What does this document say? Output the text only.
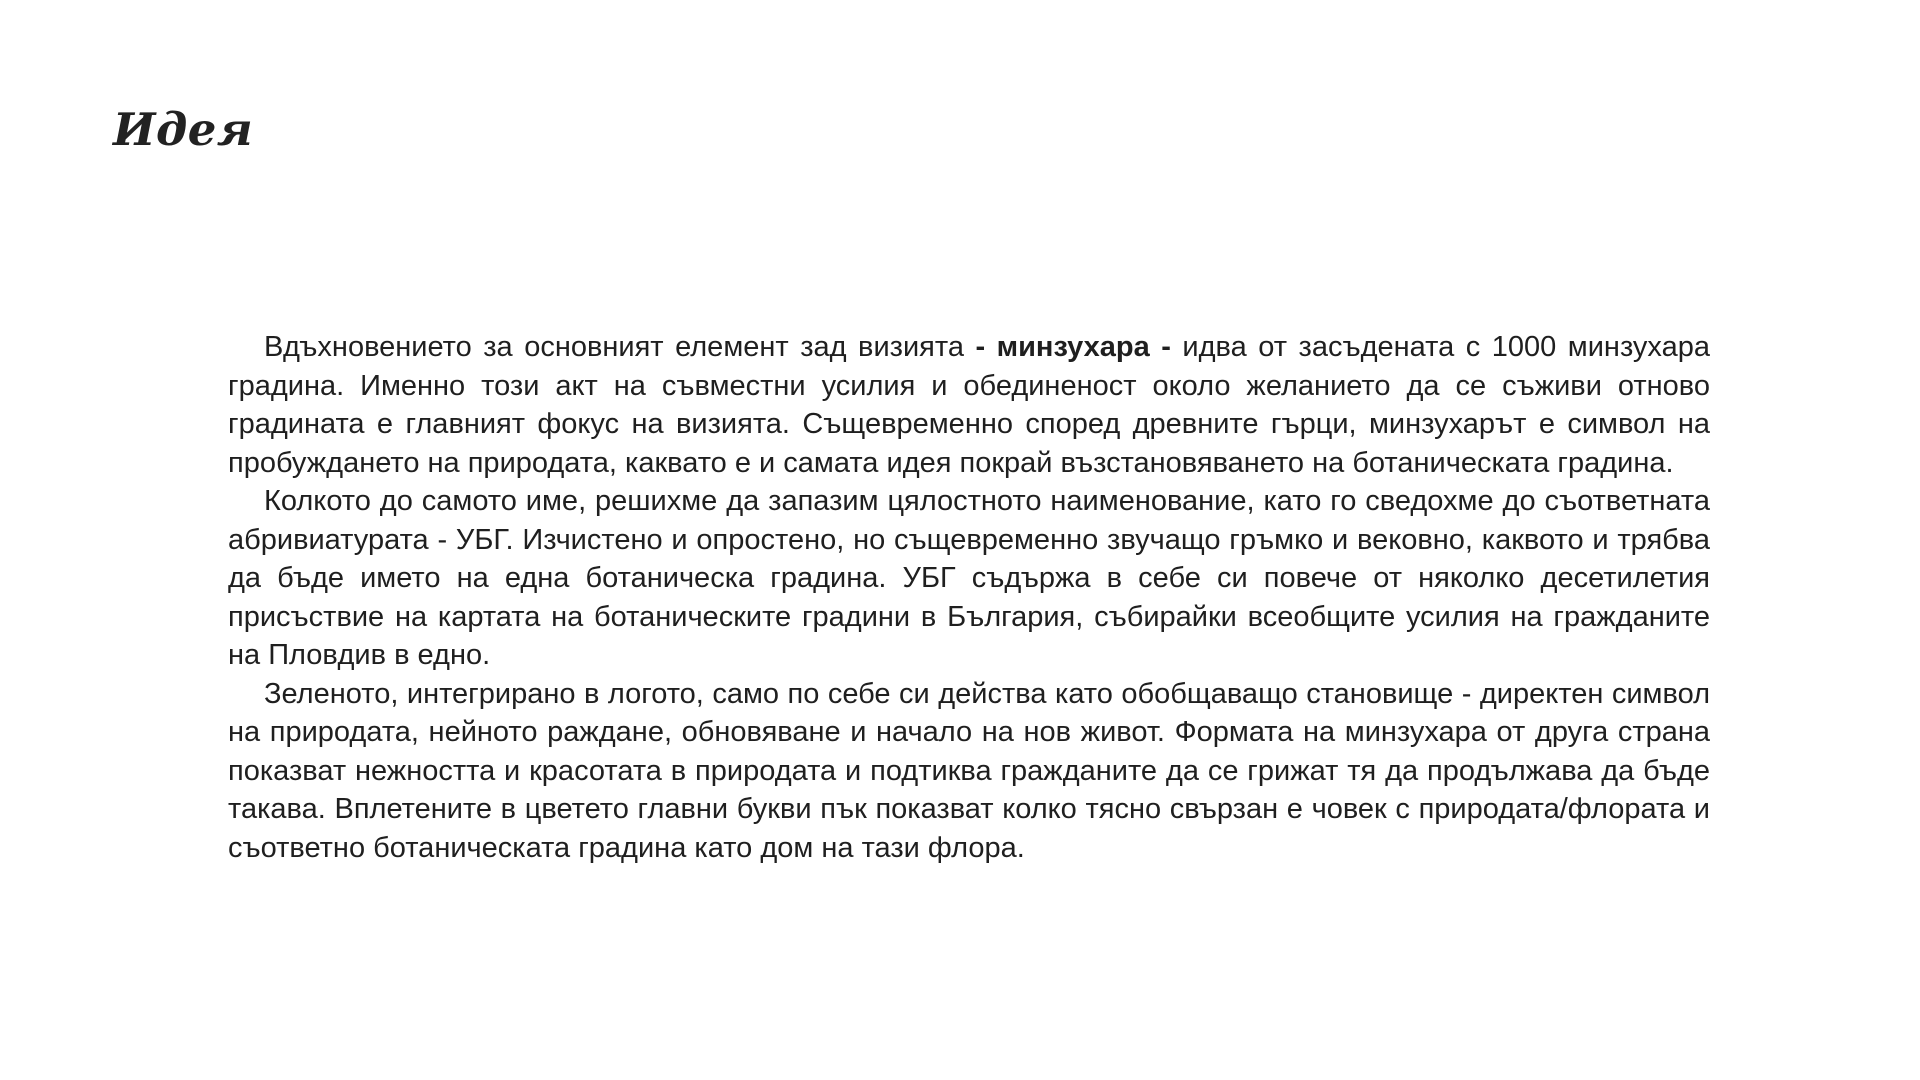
Идея

Вдъхновението за основният елемент зад визията - минзухара - идва от засъдената с 1000 минзухара градина. Именно този акт на съвместни усилия и обединеност около желанието да се съживи отново градината е главният фокус на визията. Същевременно според древните гърци, минзухарът е символ на пробуждането на природата, каквато е и самата идея покрай възстановяването на ботаническата градина.

Колкото до самото име, решихме да запазим цялостното наименование, като го сведохме до съответната абривиатурата - УБГ. Изчистено и опростено, но същевременно звучащо гръмко и вековно, каквото и трябва да бъде името на една ботаническа градина. УБГ съдържа в себе си повече от няколко десетилетия присъствие на картата на ботаническите градини в България, събирайки всеобщите усилия на гражданите на Пловдив в едно.

Зеленото, интегрирано в логото, само по себе си действа като обобщаващо становище - директен символ на природата, нейното раждане, обновяване и начало на нов живот. Формата на минзухара от друга страна показват нежността и красотата в природата и подтиква гражданите да се грижат тя да продължава да бъде такава. Вплетените в цветето главни букви пък показват колко тясно свързан е човек с природата/флората и съответно ботаническата градина като дом на тази флора.
